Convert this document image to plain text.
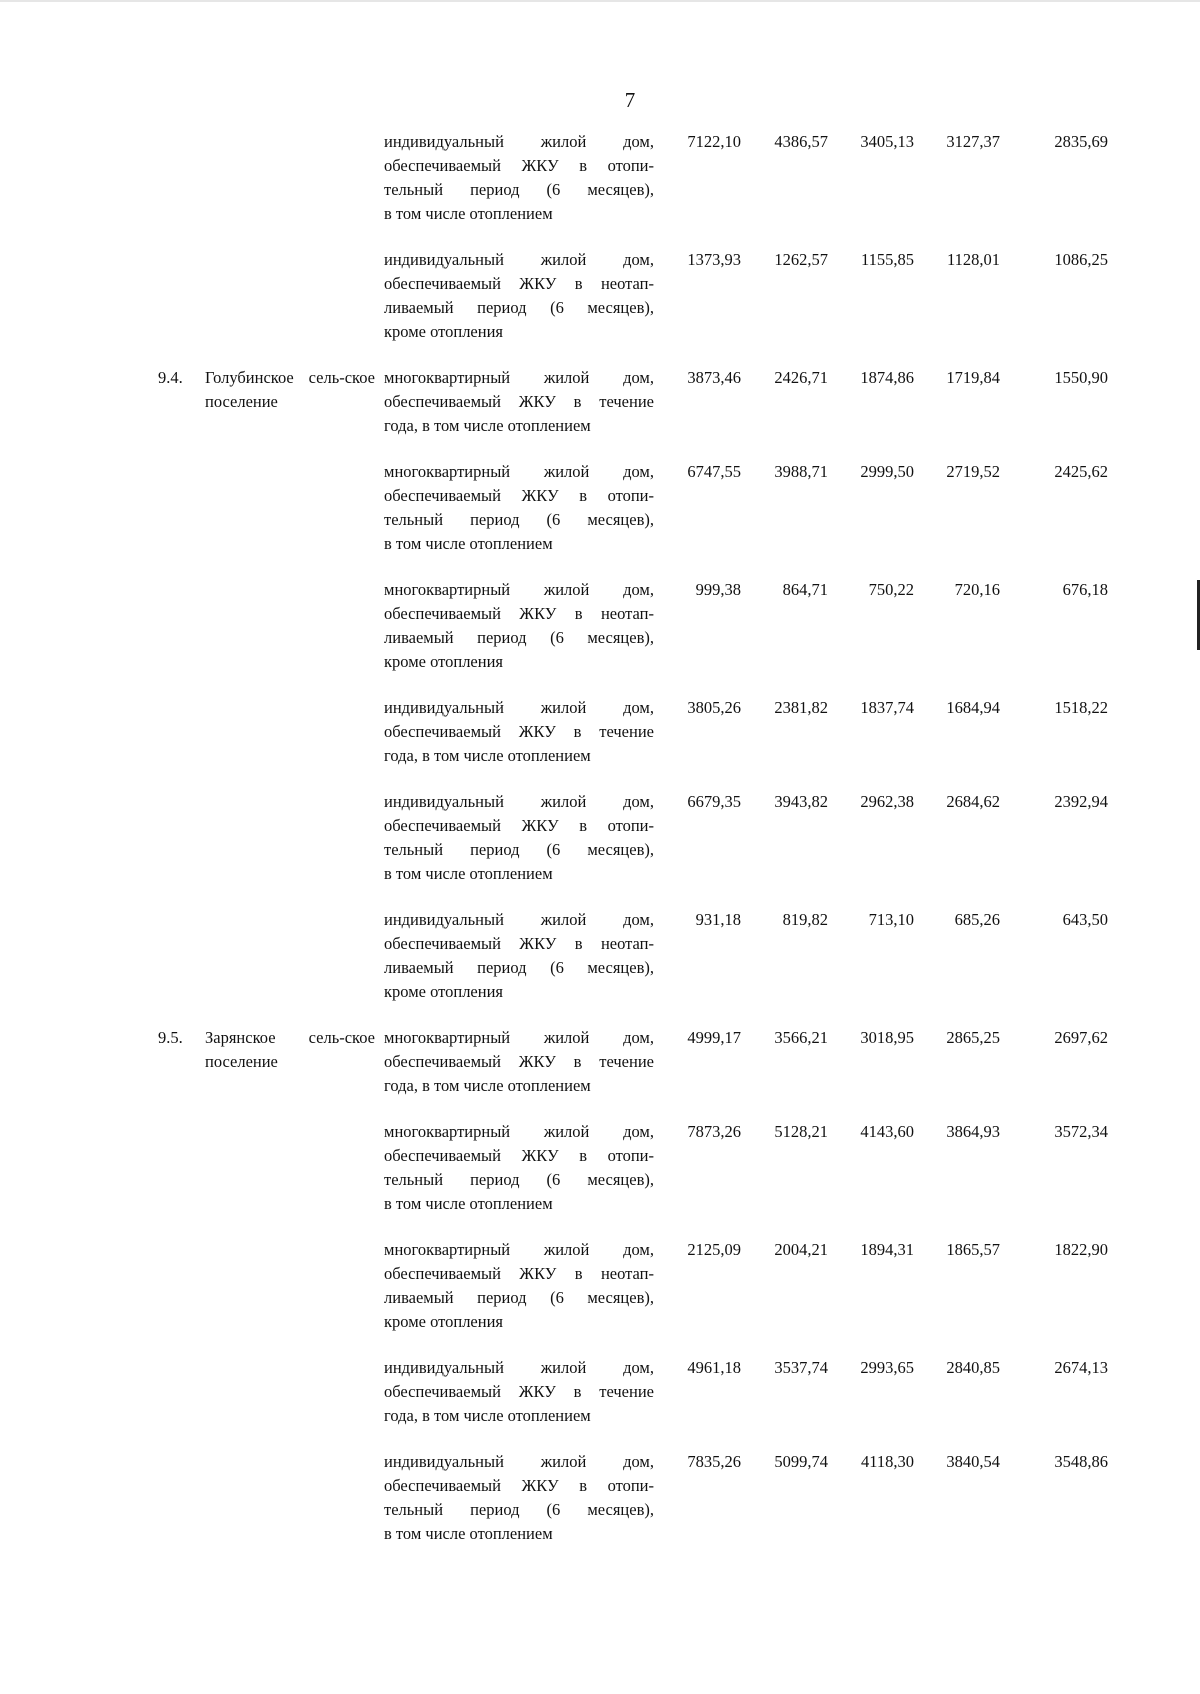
7
индивидуальный жилой дом,
обеспечиваемый ЖКУ в отопи-
тельный период (6 месяцев),
в том числе отоплением
7122,10 4386,57 3405,13 3127,37	2835,69
индивидуальный жилой дом,
обеспечиваемый ЖКУ в неотап-
ливаемый период (6 месяцев),
кроме отопления
1373,93 1262,57 1155,85 1128,01	1086,25
9.4.	Голубинское сель-ское поселение
многоквартирный жилой дом,
обеспечиваемый ЖКУ в течение
года, в том числе отоплением
3873,46 2426,71 1874,86 1719,84	1550,90
многоквартирный жилой дом,
обеспечиваемый ЖКУ в отопи-
тельный период (6 месяцев),
в том числе отоплением
6747,55 3988,71 2999,50 2719,52	2425,62
многоквартирный жилой дом,
обеспечиваемый ЖКУ в неотап-
ливаемый период (6 месяцев),
кроме отопления
999,38	864,71 750,22 720,16	676,18
индивидуальный жилой дом,
обеспечиваемый ЖКУ в течение
года, в том числе отоплением
3805,26 2381,82 1837,74 1684,94	1518,22
индивидуальный жилой дом,
обеспечиваемый ЖКУ в отопи-
тельный период (6 месяцев),
в том числе отоплением
6679,35 3943,82 2962,38 2684,62	2392,94
индивидуальный жилой дом,
обеспечиваемый ЖКУ в неотап-
ливаемый период (6 месяцев),
кроме отопления
931,18	819,82 713,10 685,26	643,50
9.5.	Зарянское сель-ское поселение
многоквартирный жилой дом,
обеспечиваемый ЖКУ в течение
года, в том числе отоплением
4999,17 3566,21 3018,95 2865,25	2697,62
многоквартирный жилой дом,
обеспечиваемый ЖКУ в отопи-
тельный период (6 месяцев),
в том числе отоплением
7873,26 5128,21 4143,60 3864,93	3572,34
многоквартирный жилой дом,
обеспечиваемый ЖКУ в неотап-
ливаемый период (6 месяцев),
кроме отопления
2125,09 2004,21 1894,31 1865,57	1822,90
индивидуальный жилой дом,
обеспечиваемый ЖКУ в течение
года, в том числе отоплением
4961,18 3537,74 2993,65 2840,85	2674,13
индивидуальный жилой дом,
обеспечиваемый ЖКУ в отопи-
тельный период (6 месяцев),
в том числе отоплением
7835,26 5099,74 4118,30 3840,54	3548,86
